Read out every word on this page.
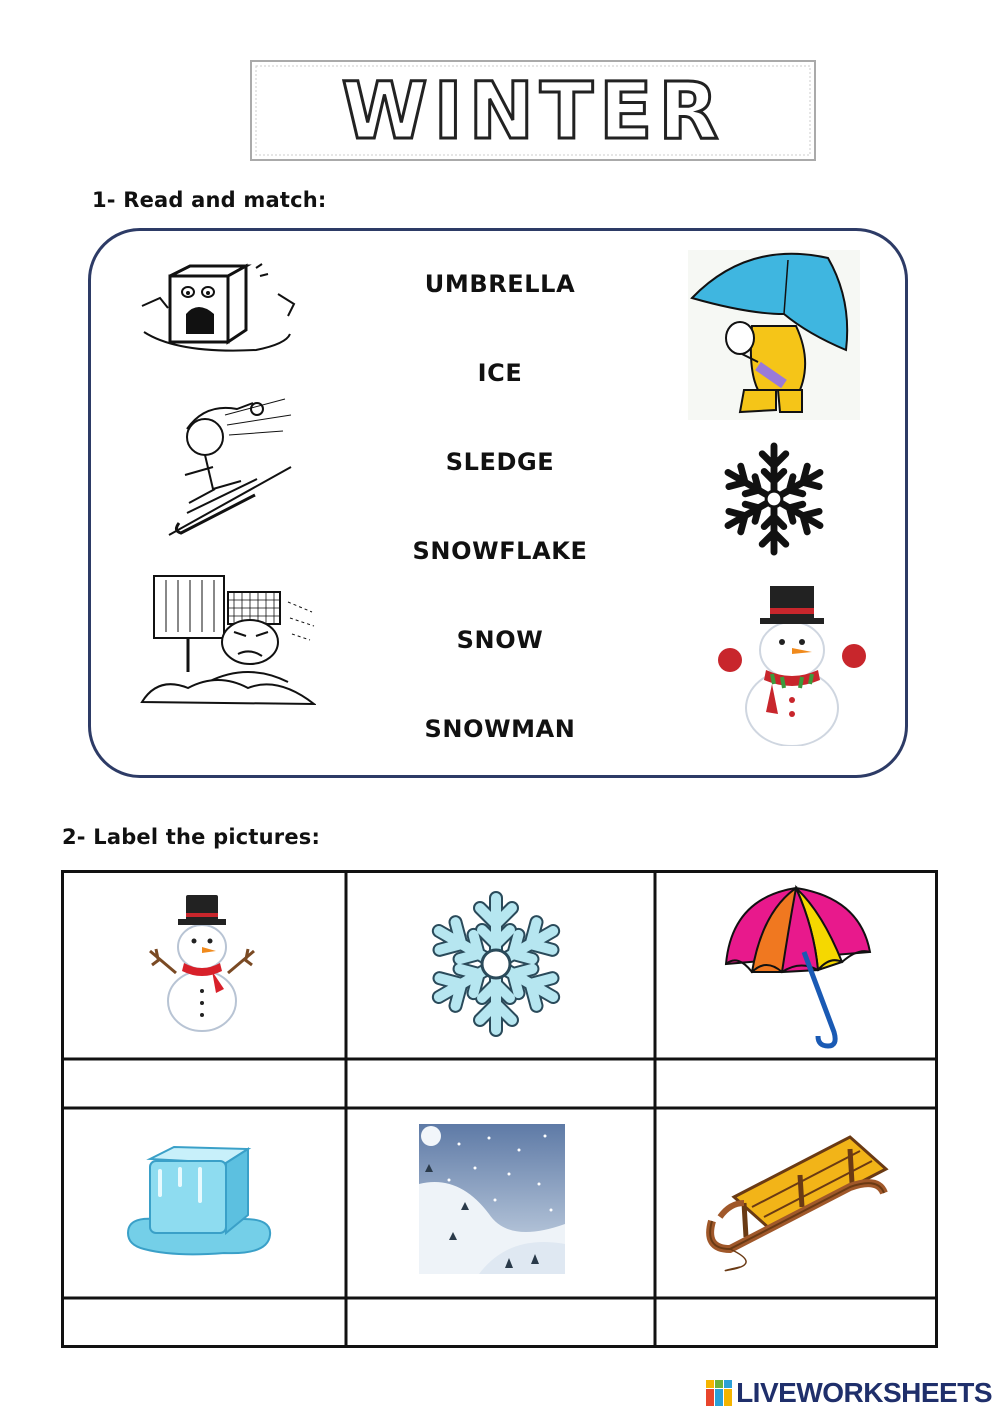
WINTER
1- Read and match:
UMBRELLA
ICE
SLEDGE
SNOWFLAKE
SNOW
SNOWMAN
2- Label the pictures:
LIVEWORKSHEETS
